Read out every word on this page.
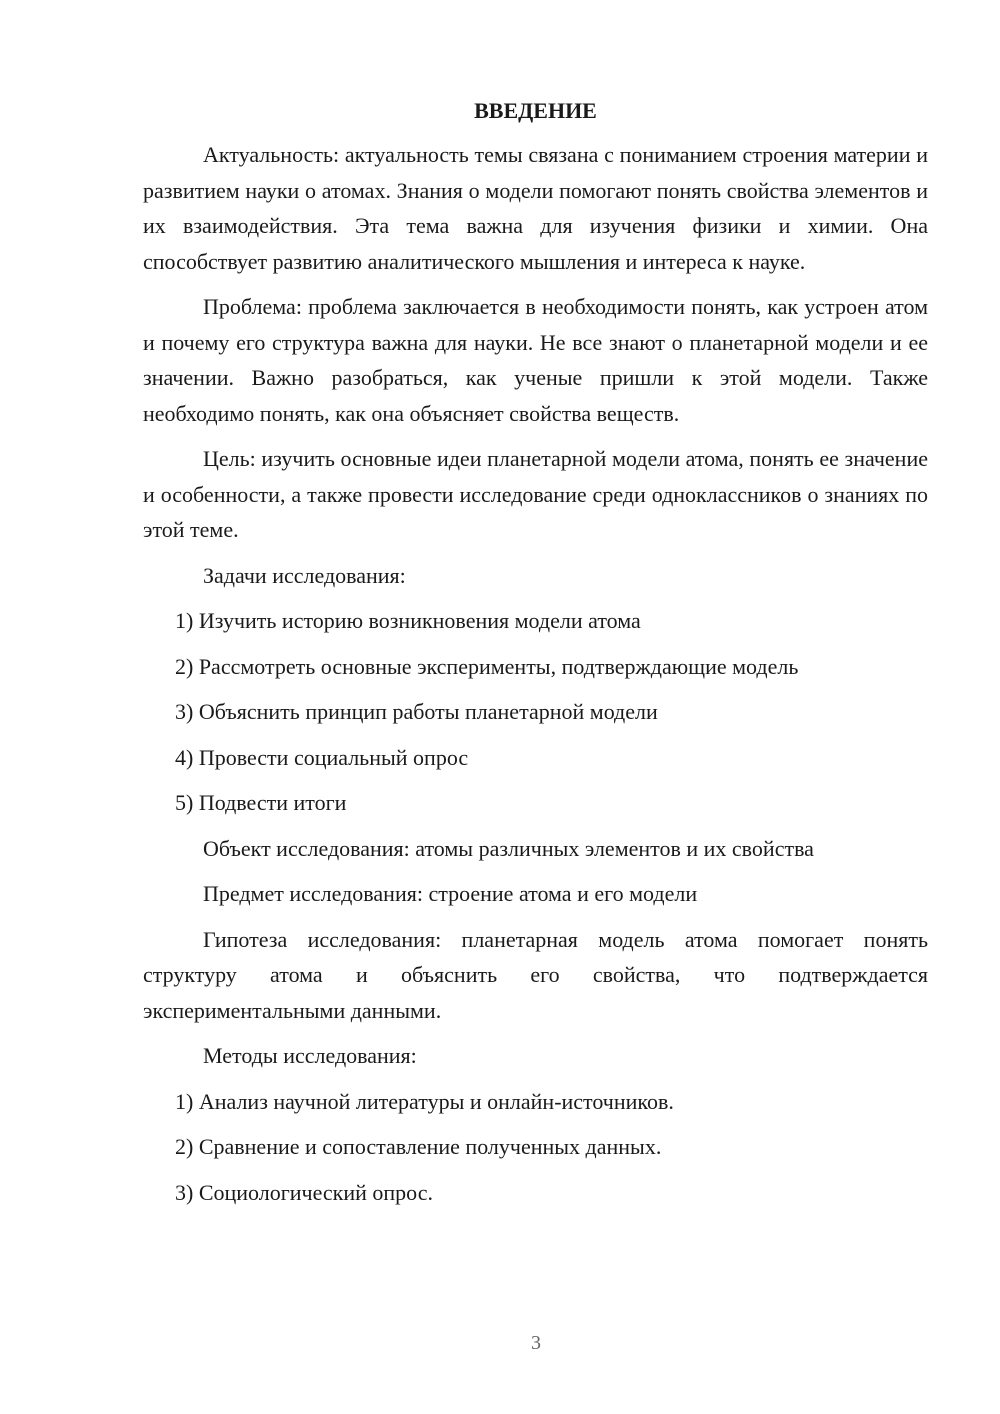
ВВЕДЕНИЕ

Актуальность: актуальность темы связана с пониманием строения материи и развитием науки о атомах. Знания о модели помогают понять свойства элементов и их взаимодействия. Эта тема важна для изучения физики и химии. Она способствует развитию аналитического мышления и интереса к науке.

Проблема: проблема заключается в необходимости понять, как устроен атом и почему его структура важна для науки. Не все знают о планетарной модели и ее значении. Важно разобраться, как ученые пришли к этой модели. Также необходимо понять, как она объясняет свойства веществ.

Цель: изучить основные идеи планетарной модели атома, понять ее значение и особенности, а также провести исследование среди одноклассников о знаниях по этой теме.

Задачи исследования:
1) Изучить историю возникновения модели атома
2) Рассмотреть основные эксперименты, подтверждающие модель
3) Объяснить принцип работы планетарной модели
4) Провести социальный опрос
5) Подвести итоги
Объект исследования: атомы различных элементов и их свойства
Предмет исследования: строение атома и его модели

Гипотеза исследования: планетарная модель атома помогает понять структуру атома и объяснить его свойства, что подтверждается экспериментальными данными.

Методы исследования:
1) Анализ научной литературы и онлайн-источников.
2) Сравнение и сопоставление полученных данных.
3) Социологический опрос.
3
